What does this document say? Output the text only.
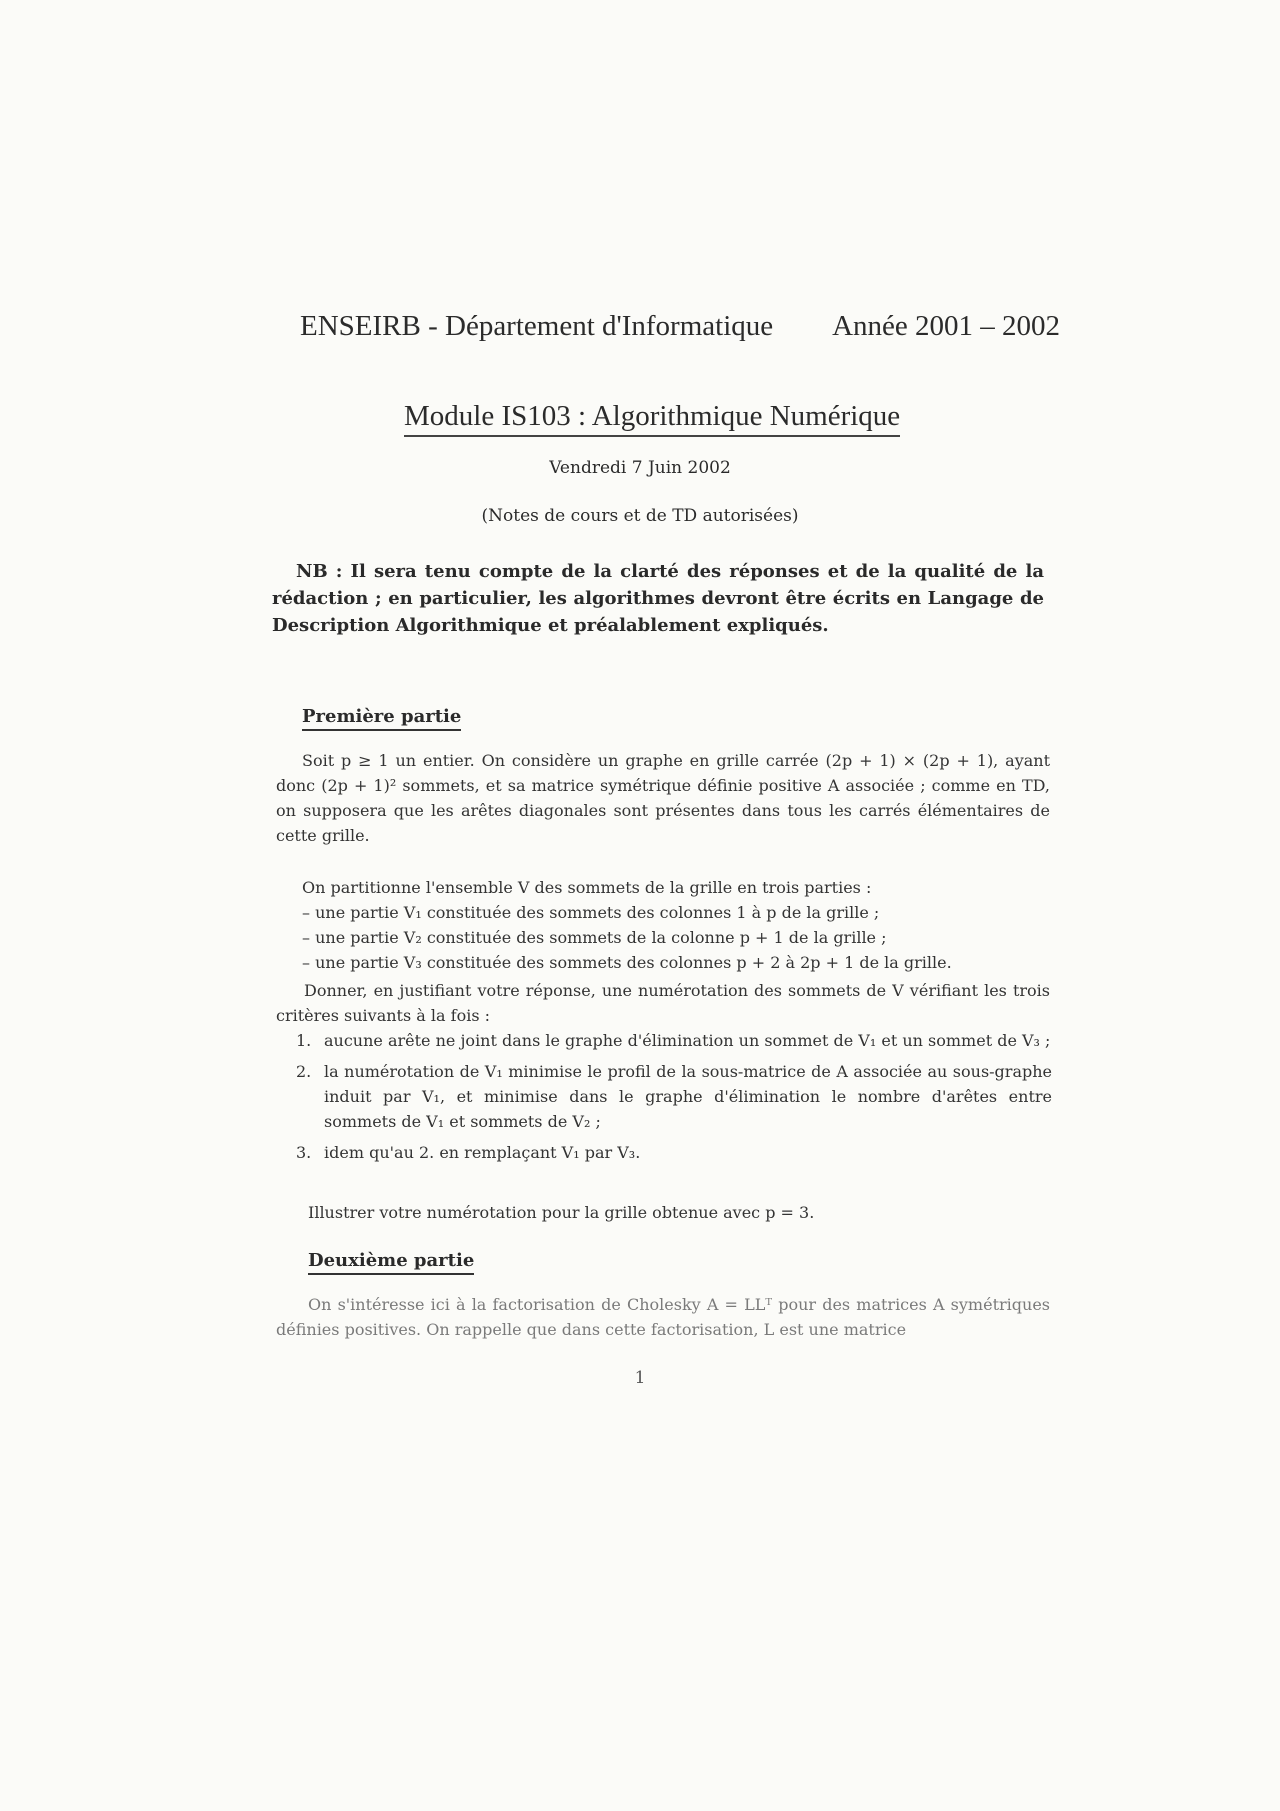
ENSEIRB - Département d'Informatique Année 2001 – 2002
Module IS103 : Algorithmique Numérique
Vendredi 7 Juin 2002
(Notes de cours et de TD autorisées)
NB : Il sera tenu compte de la clarté des réponses et de la qualité de la rédaction ; en particulier, les algorithmes devront être écrits en Langage de Description Algorithmique et préalablement expliqués.
Première partie
Soit p ≥ 1 un entier. On considère un graphe en grille carrée (2p + 1) × (2p + 1), ayant donc (2p + 1)² sommets, et sa matrice symétrique définie positive A associée ; comme en TD, on supposera que les arêtes diagonales sont présentes dans tous les carrés élémentaires de cette grille.
On partitionne l'ensemble V des sommets de la grille en trois parties :
– une partie V₁ constituée des sommets des colonnes 1 à p de la grille ;
– une partie V₂ constituée des sommets de la colonne p + 1 de la grille ;
– une partie V₃ constituée des sommets des colonnes p + 2 à 2p + 1 de la grille.
Donner, en justifiant votre réponse, une numérotation des sommets de V vérifiant les trois critères suivants à la fois :
1. aucune arête ne joint dans le graphe d'élimination un sommet de V₁ et un sommet de V₃ ;
2. la numérotation de V₁ minimise le profil de la sous-matrice de A associée au sous-graphe induit par V₁, et minimise dans le graphe d'élimination le nombre d'arêtes entre sommets de V₁ et sommets de V₂ ;
3. idem qu'au 2. en remplaçant V₁ par V₃.
Illustrer votre numérotation pour la grille obtenue avec p = 3.
Deuxième partie
On s'intéresse ici à la factorisation de Cholesky A = LLᵀ pour des matrices A symétriques définies positives. On rappelle que dans cette factorisation, L est une matrice
1
